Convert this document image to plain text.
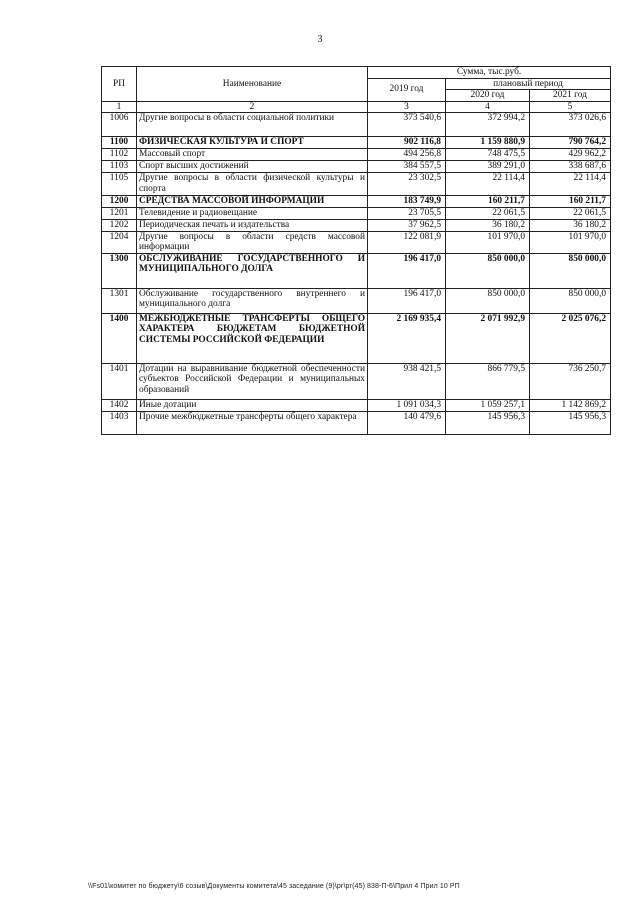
3
РП	Наименование	Сумма, тыс.руб.		
		2019 год	плановый период	
			2020 год	2021 год
1	2	3	4	5
1006	Другие вопросы в области социальной политики	373 540,6	372 994,2	373 026,6
1100	ФИЗИЧЕСКАЯ КУЛЬТУРА И СПОРТ	902 116,8	1 159 880,9	790 764,2
1102	Массовый спорт	494 256,8	748 475,5	429 962,2
1103	Спорт высших достижений	384 557,5	389 291,0	338 687,6
1105	Другие вопросы в области физической культуры и спорта	23 302,5	22 114,4	22 114,4
1200	СРЕДСТВА МАССОВОЙ ИНФОРМАЦИИ	183 749,9	160 211,7	160 211,7
1201	Телевидение и радиовещание	23 705,5	22 061,5	22 061,5
1202	Периодическая печать и издательства	37 962,5	36 180,2	36 180,2
1204	Другие вопросы в области средств массовой информации	122 081,9	101 970,0	101 970,0
1300	ОБСЛУЖИВАНИЕ ГОСУДАРСТВЕННОГО И МУНИЦИПАЛЬНОГО ДОЛГА	196 417,0	850 000,0	850 000,0
1301	Обслуживание государственного внутреннего и муниципального долга	196 417,0	850 000,0	850 000,0
1400	МЕЖБЮДЖЕТНЫЕ ТРАНСФЕРТЫ ОБЩЕГО ХАРАКТЕРА БЮДЖЕТАМ БЮДЖЕТНОЙ СИСТЕМЫ РОССИЙСКОЙ ФЕДЕРАЦИИ	2 169 935,4	2 071 992,9	2 025 076,2
1401	Дотации на выравнивание бюджетной обеспеченности субъектов Российской Федерации и муниципальных образований	938 421,5	866 779,5	736 250,7
1402	Иные дотации	1 091 034,3	1 059 257,1	1 142 869,2
1403	Прочие межбюджетные трансферты общего характера	140 479,6	145 956,3	145 956,3
\\Fs01\комитет по бюджету\6 созыв\Документы комитета\45 заседание (9)\рг\рг(45) 838-П-6\Прил 4 Прил 10 РП
